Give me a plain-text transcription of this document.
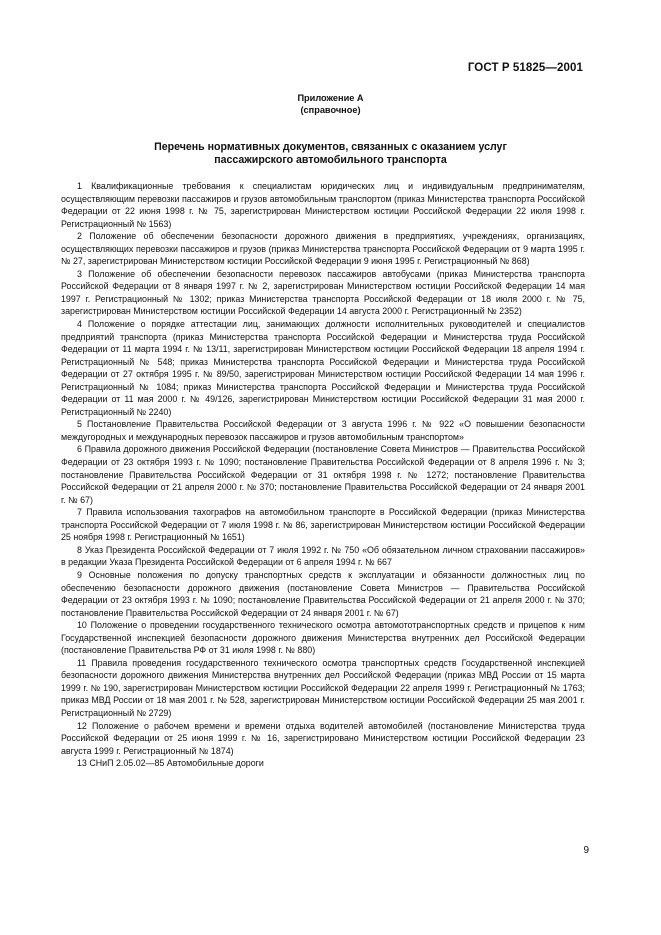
ГОСТ Р 51825—2001
Приложение А
(справочное)
Перечень нормативных документов, связанных с оказанием услуг
пассажирского автомобильного транспорта

1 Квалификационные требования к специалистам юридических лиц и индивидуальным предпринимателям, осуществляющим перевозки пассажиров и грузов автомобильным транспортом (приказ Министерства транспорта Российской Федерации от 22 июня 1998 г. № 75, зарегистрирован Министерством юстиции Российской Федерации 22 июля 1998 г. Регистрационный № 1563)

2 Положение об обеспечении безопасности дорожного движения в предприятиях, учреждениях, организациях, осуществляющих перевозки пассажиров и грузов (приказ Министерства транспорта Российской Федерации от 9 марта 1995 г. № 27, зарегистрирован Министерством юстиции Российской Федерации 9 июня 1995 г. Регистрационный № 868)

3 Положение об обеспечении безопасности перевозок пассажиров автобусами (приказ Министерства транспорта Российской Федерации от 8 января 1997 г. № 2, зарегистрирован Министерством юстиции Российской Федерации 14 мая 1997 г. Регистрационный № 1302; приказ Министерства транспорта Российской Федерации от 18 июля 2000 г. № 75, зарегистрирован Министерством юстиции Российской Федерации 14 августа 2000 г. Регистрационный № 2352)

4 Положение о порядке аттестации лиц, занимающих должности исполнительных руководителей и специалистов предприятий транспорта (приказ Министерства транспорта Российской Федерации и Министерства труда Российской Федерации от 11 марта 1994 г. № 13/11, зарегистрирован Министерством юстиции Российской Федерации 18 апреля 1994 г. Регистрационный № 548; приказ Министерства транспорта Российской Федерации и Министерства труда Российской Федерации от 27 октября 1995 г. № 89/50, зарегистрирован Министерством юстиции Российской Федерации 14 мая 1996 г. Регистрационный № 1084; приказ Министерства транспорта Российской Федерации и Министерства труда Российской Федерации от 11 мая 2000 г. № 49/126, зарегистрирован Министерством юстиции Российской Федерации 31 мая 2000 г. Регистрационный № 2240)

5 Постановление Правительства Российской Федерации от 3 августа 1996 г. № 922 «О повышении безопасности междугородных и международных перевозок пассажиров и грузов автомобильным транспортом»

6 Правила дорожного движения Российской Федерации (постановление Совета Министров — Правительства Российской Федерации от 23 октября 1993 г. № 1090; постановление Правительства Российской Федерации от 8 апреля 1996 г. № 3; постановление Правительства Российской Федерации от 31 октября 1998 г. № 1272; постановление Правительства Российской Федерации от 21 апреля 2000 г. № 370; постановление Правительства Российской Федерации от 24 января 2001 г. № 67)

7 Правила использования тахографов на автомобильном транспорте в Российской Федерации (приказ Министерства транспорта Российской Федерации от 7 июля 1998 г. № 86, зарегистрирован Министерством юстиции Российской Федерации 25 ноября 1998 г. Регистрационный № 1651)

8 Указ Президента Российской Федерации от 7 июля 1992 г. № 750 «Об обязательном личном страховании пассажиров» в редакции Указа Президента Российской Федерации от 6 апреля 1994 г. № 667

9 Основные положения по допуску транспортных средств к эксплуатации и обязанности должностных лиц по обеспечению безопасности дорожного движения (постановление Совета Министров — Правительства Российской Федерации от 23 октября 1993 г. № 1090; постановление Правительства Российской Федерации от 21 апреля 2000 г. № 370; постановление Правительства Российской Федерации от 24 января 2001 г. № 67)

10 Положение о проведении государственного технического осмотра автомототранспортных средств и прицепов к ним Государственной инспекцией безопасности дорожного движения Министерства внутренних дел Российской Федерации (постановление Правительства РФ от 31 июля 1998 г. № 880)

11 Правила проведения государственного технического осмотра транспортных средств Государственной инспекцией безопасности дорожного движения Министерства внутренних дел Российской Федерации (приказ МВД России от 15 марта 1999 г. № 190, зарегистрирован Министерством юстиции Российской Федерации 22 апреля 1999 г. Регистрационный № 1763; приказ МВД России от 18 мая 2001 г. № 528, зарегистрирован Министерством юстиции Российской Федерации 25 мая 2001 г. Регистрационный № 2729)

12 Положение о рабочем времени и времени отдыха водителей автомобилей (постановление Министерства труда Российской Федерации от 25 июня 1999 г. № 16, зарегистрировано Министерством юстиции Российской Федерации 23 августа 1999 г. Регистрационный № 1874)

13 СНиП 2.05.02—85 Автомобильные дороги

9
